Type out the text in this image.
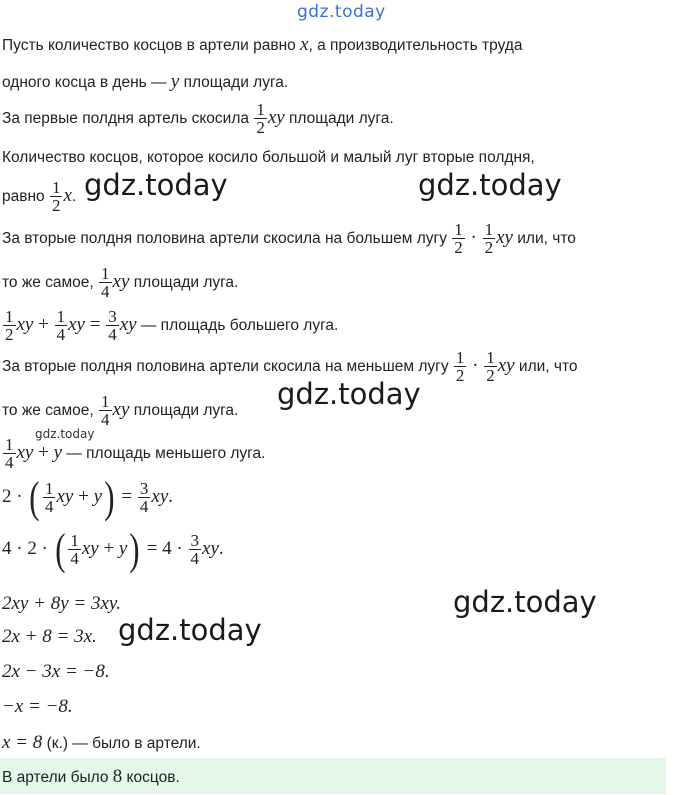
gdz.today
Пусть количество косцов в артели равно x, а производительность труда
одного косца в день — y площади луга.
За первые полдня артель скосила $\frac{1}{2}$ xy площади луга.
Количество косцов, которое косило большой и малый луг вторые полдня,
равно $\frac{1}{2} x$. gdz.today	gdz.today
За вторые полдня половина артели скосила на большем лугу $\frac{1}{2} \cdot \frac{1}{2}$ xy или, что
то же самое, $\frac{1}{4}$ xy площади луга.
$\frac{1}{2}$ xy + $\frac{1}{4}$ xy = $\frac{3}{4}$ xy — площадь большего луга.
За вторые полдня половина артели скосила на меньшем лугу $\frac{1}{2} \cdot \frac{1}{2}$ xy или, что
то же самое, $\frac{1}{4}$ xy площади луга. gdz.today
gdz.today
$\frac{1}{4}$ xy + y — площадь меньшего луга.
2 · ( $\frac{1}{4}$ xy + $y) = \frac{3}{4}$ xy.
4 · 2 · ( $\frac{1}{4}$ xy + $y) = 4 \cdot \frac{3}{4}$ xy.
2xy + 8y = 3xy.	gdz.today
2x + 8 = 3x. gdz.today
2x − 3x = −8.
−x = −8.
x = 8 (к.) — было в артели.
В артели было 8 косцов.
